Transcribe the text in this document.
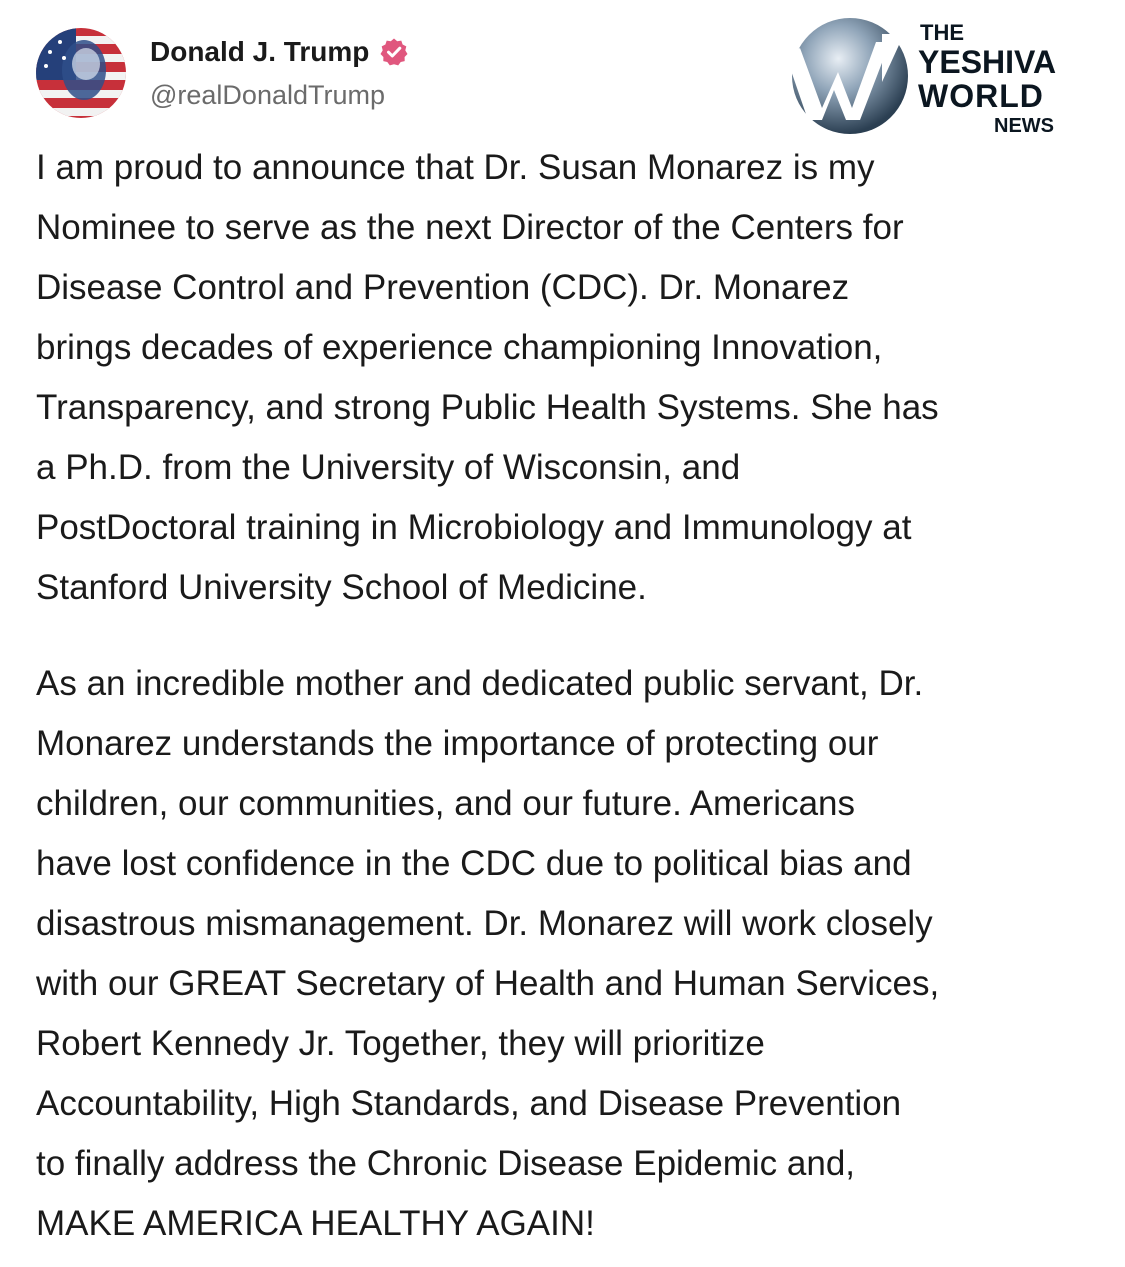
Donald J. Trump
@realDonaldTrump
THE
YESHIVA
WORLD
NEWS

I am proud to announce that Dr. Susan Monarez is my
Nominee to serve as the next Director of the Centers for
Disease Control and Prevention (CDC). Dr. Monarez
brings decades of experience championing Innovation,
Transparency, and strong Public Health Systems. She has
a Ph.D. from the University of Wisconsin, and
PostDoctoral training in Microbiology and Immunology at
Stanford University School of Medicine.

As an incredible mother and dedicated public servant, Dr.
Monarez understands the importance of protecting our
children, our communities, and our future. Americans
have lost confidence in the CDC due to political bias and
disastrous mismanagement. Dr. Monarez will work closely
with our GREAT Secretary of Health and Human Services,
Robert Kennedy Jr. Together, they will prioritize
Accountability, High Standards, and Disease Prevention
to finally address the Chronic Disease Epidemic and,
MAKE AMERICA HEALTHY AGAIN!
